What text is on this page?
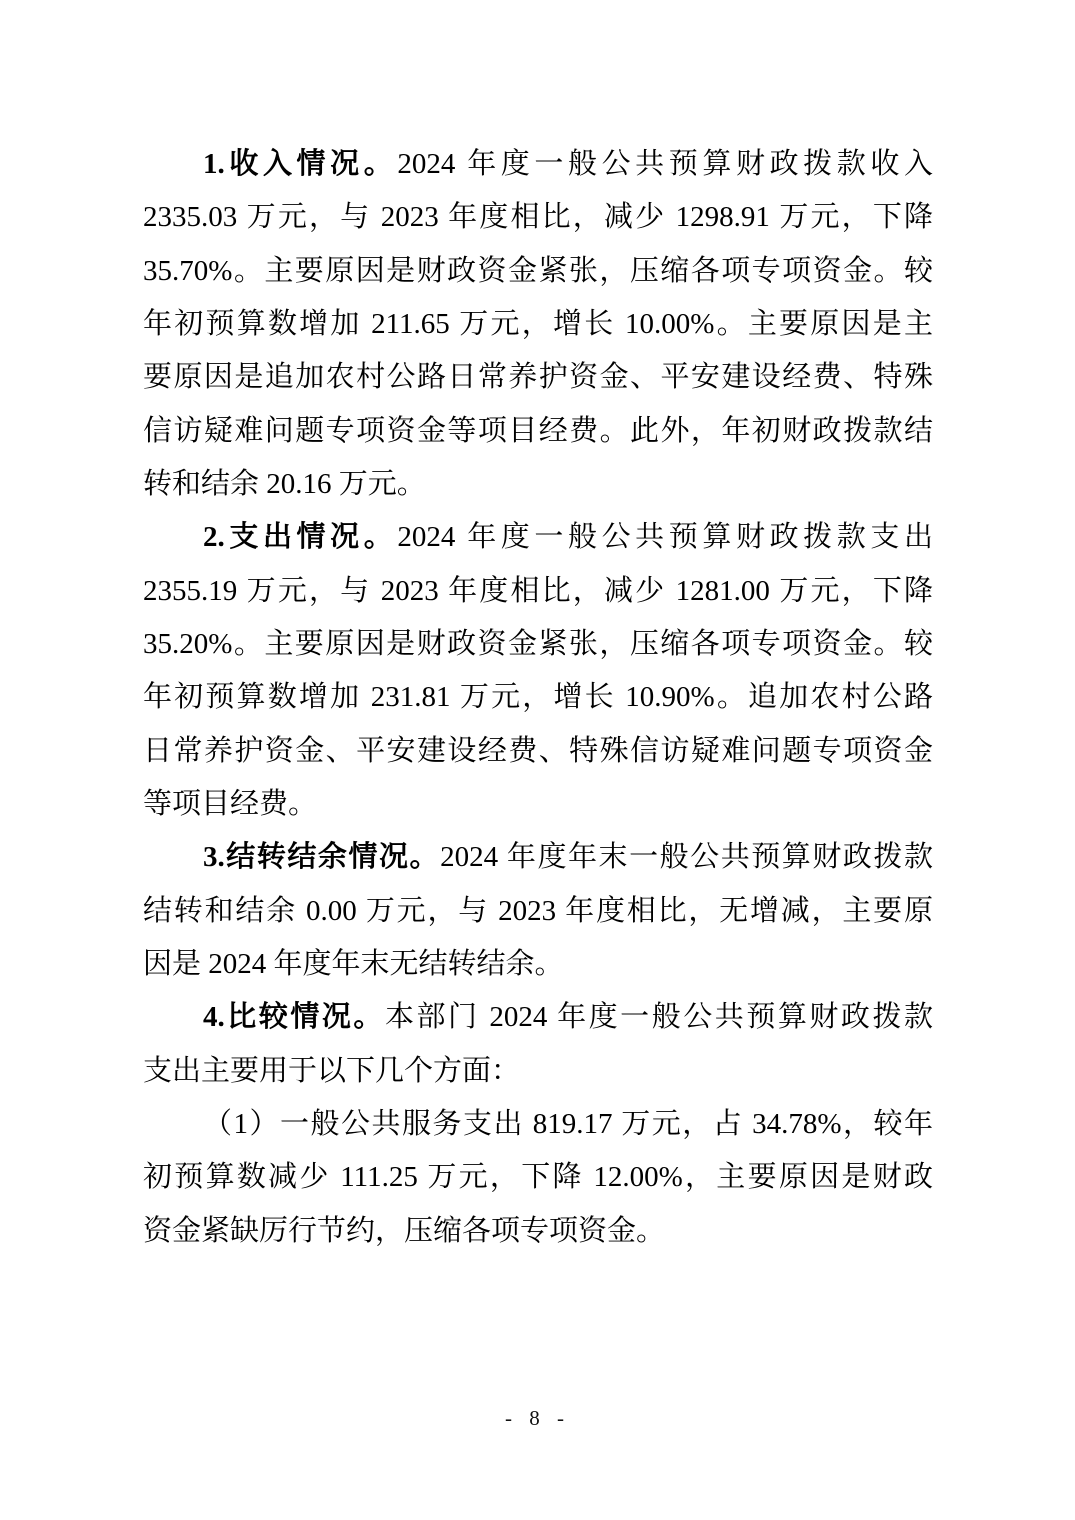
1.收入情况。2024 年度一般公共预算财政拨款收入
2335.03 万元，与 2023 年度相比，减少 1298.91 万元，下降
35.70%。主要原因是财政资金紧张，压缩各项专项资金。较
年初预算数增加 211.65 万元，增长 10.00%。主要原因是主
要原因是追加农村公路日常养护资金、平安建设经费、特殊
信访疑难问题专项资金等项目经费。此外，年初财政拨款结
转和结余 20.16 万元。
2.支出情况。2024 年度一般公共预算财政拨款支出
2355.19 万元，与 2023 年度相比，减少 1281.00 万元，下降
35.20%。主要原因是财政资金紧张，压缩各项专项资金。较
年初预算数增加 231.81 万元，增长 10.90%。追加农村公路
日常养护资金、平安建设经费、特殊信访疑难问题专项资金
等项目经费。
3.结转结余情况。2024 年度年末一般公共预算财政拨款
结转和结余 0.00 万元，与 2023 年度相比，无增减，主要原
因是 2024 年度年末无结转结余。
4.比较情况。本部门 2024 年度一般公共预算财政拨款
支出主要用于以下几个方面：
（1）一般公共服务支出 819.17 万元，占 34.78%，较年
初预算数减少 111.25 万元，下降 12.00%，主要原因是财政
资金紧缺厉行节约，压缩各项专项资金。
- 8 -
